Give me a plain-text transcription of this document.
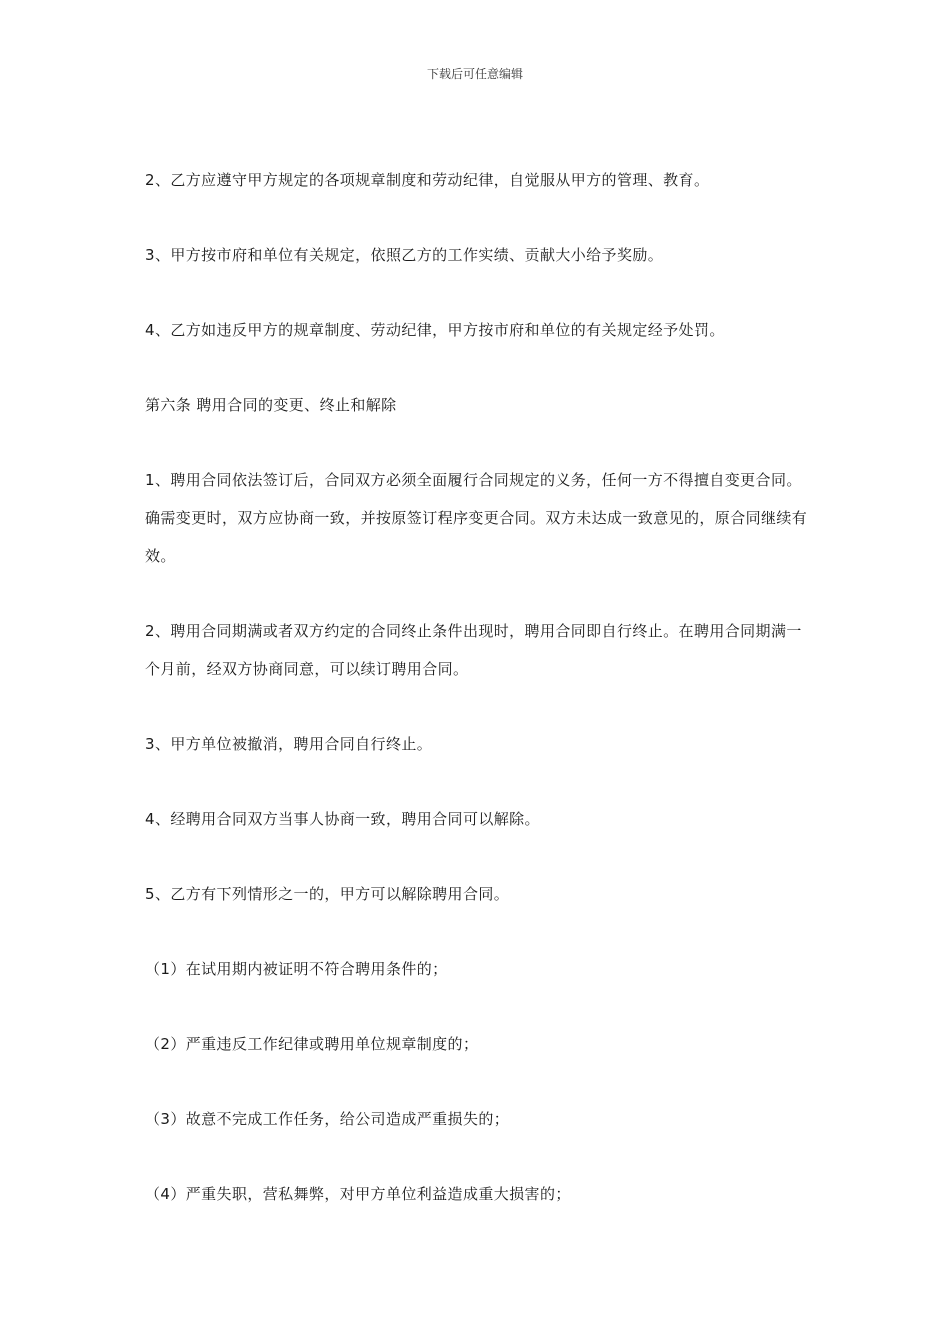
下载后可任意编辑

2、乙方应遵守甲方规定的各项规章制度和劳动纪律，自觉服从甲方的管理、教育。

3、甲方按市府和单位有关规定，依照乙方的工作实绩、贡献大小给予奖励。

4、乙方如违反甲方的规章制度、劳动纪律，甲方按市府和单位的有关规定经予处罚。

第六条 聘用合同的变更、终止和解除

1、聘用合同依法签订后，合同双方必须全面履行合同规定的义务，任何一方不得擅自变更合同。确需变更时，双方应协商一致，并按原签订程序变更合同。双方未达成一致意见的，原合同继续有效。

2、聘用合同期满或者双方约定的合同终止条件出现时，聘用合同即自行终止。在聘用合同期满一个月前，经双方协商同意，可以续订聘用合同。

3、甲方单位被撤消，聘用合同自行终止。

4、经聘用合同双方当事人协商一致，聘用合同可以解除。

5、乙方有下列情形之一的，甲方可以解除聘用合同。

（1）在试用期内被证明不符合聘用条件的；

（2）严重违反工作纪律或聘用单位规章制度的；

（3）故意不完成工作任务，给公司造成严重损失的；

（4）严重失职，营私舞弊，对甲方单位利益造成重大损害的；
